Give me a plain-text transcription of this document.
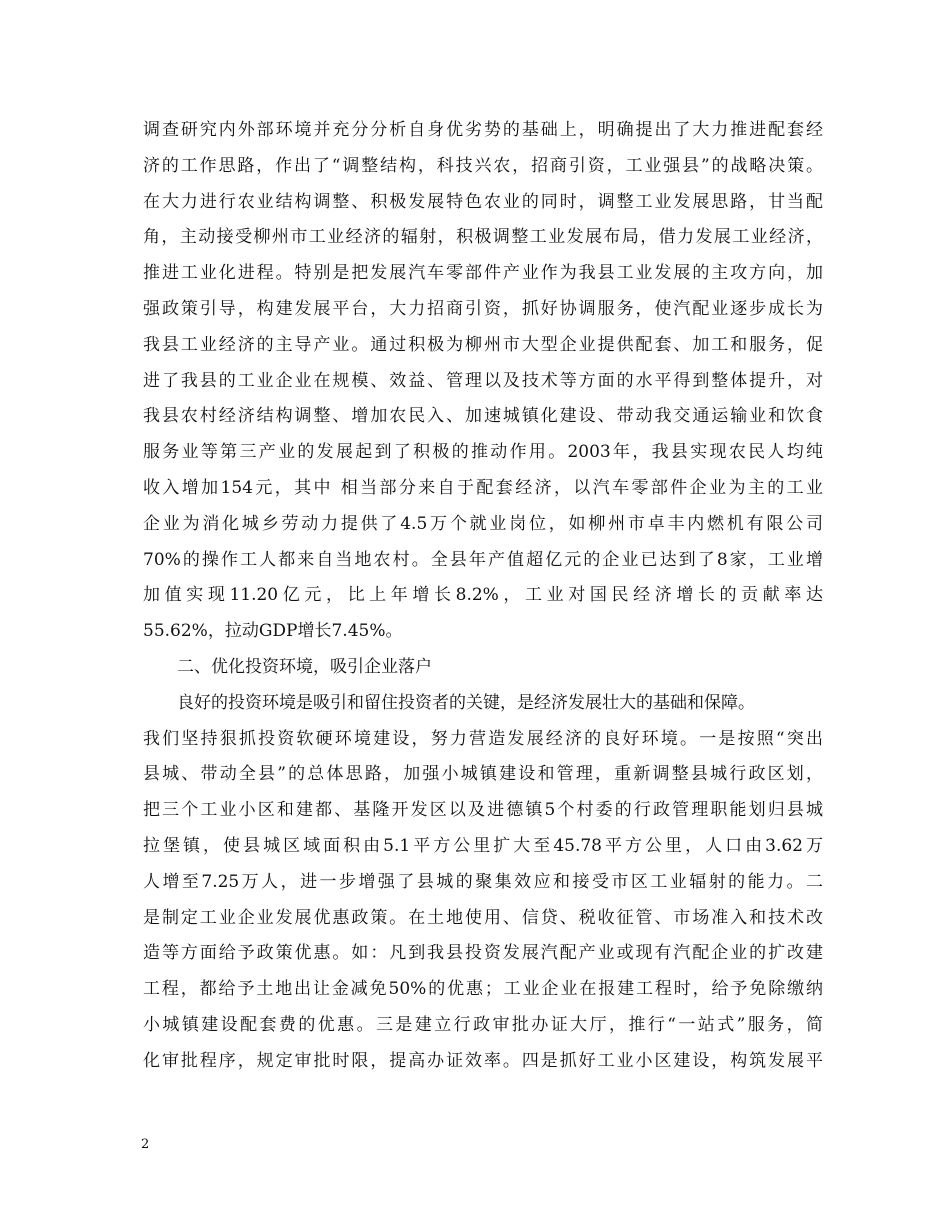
调查研究内外部环境并充分分析自身优劣势的基础上，明确提出了大力推进配套经
济的工作思路，作出了“调整结构，科技兴农，招商引资，工业强县”的战略决策。
在大力进行农业结构调整、积极发展特色农业的同时，调整工业发展思路，甘当配
角，主动接受柳州市工业经济的辐射，积极调整工业发展布局，借力发展工业经济，
推进工业化进程。特别是把发展汽车零部件产业作为我县工业发展的主攻方向，加
强政策引导，构建发展平台，大力招商引资，抓好协调服务，使汽配业逐步成长为
我县工业经济的主导产业。通过积极为柳州市大型企业提供配套、加工和服务，促
进了我县的工业企业在规模、效益、管理以及技术等方面的水平得到整体提升，对
我县农村经济结构调整、增加农民入、加速城镇化建设、带动我交通运输业和饮食
服务业等第三产业的发展起到了积极的推动作用。2003年，我县实现农民人均纯
收入增加154元，其中 相当部分来自于配套经济，以汽车零部件企业为主的工业
企业为消化城乡劳动力提供了4.5万个就业岗位，如柳州市卓丰内燃机有限公司
70%的操作工人都来自当地农村。全县年产值超亿元的企业已达到了8家，工业增
加值实现11.20亿元，比上年增长8.2%，工业对国民经济增长的贡献率达
55.62%，拉动GDP增长7.45%。
二、优化投资环境，吸引企业落户
良好的投资环境是吸引和留住投资者的关键，是经济发展壮大的基础和保障。
我们坚持狠抓投资软硬环境建设，努力营造发展经济的良好环境。一是按照“突出
县城、带动全县”的总体思路，加强小城镇建设和管理，重新调整县城行政区划，
把三个工业小区和建都、基隆开发区以及进德镇5个村委的行政管理职能划归县城
拉堡镇，使县城区域面积由5.1平方公里扩大至45.78平方公里，人口由3.62万
人增至7.25万人，进一步增强了县城的聚集效应和接受市区工业辐射的能力。二
是制定工业企业发展优惠政策。在土地使用、信贷、税收征管、市场准入和技术改
造等方面给予政策优惠。如：凡到我县投资发展汽配产业或现有汽配企业的扩改建
工程，都给予土地出让金减免50%的优惠；工业企业在报建工程时，给予免除缴纳
小城镇建设配套费的优惠。三是建立行政审批办证大厅，推行“一站式”服务，简
化审批程序，规定审批时限，提高办证效率。四是抓好工业小区建设，构筑发展平
2
